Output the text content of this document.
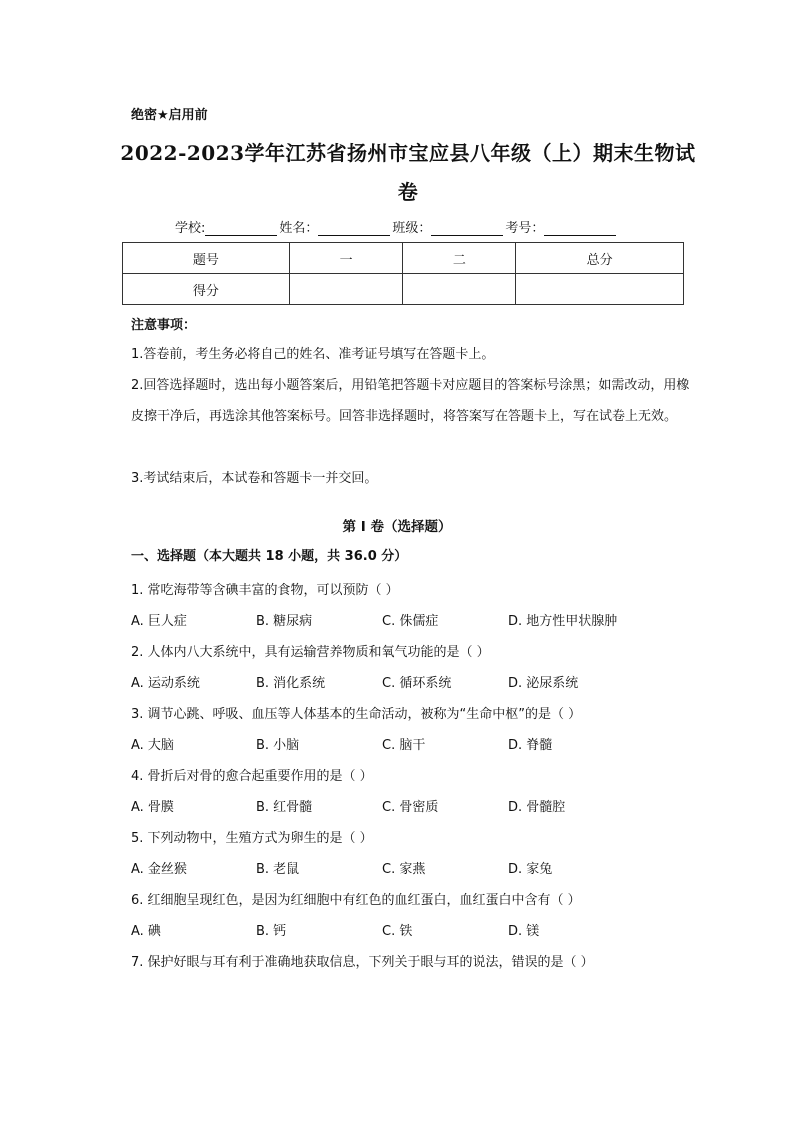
绝密★启用前
2022-2023学年江苏省扬州市宝应县八年级（上）期末生物试
卷
学校:	姓名：	班级：	考号：
题号	一	二	总分
得分			
注意事项：
1.答卷前，考生务必将自己的姓名、准考证号填写在答题卡上。
2.回答选择题时，选出每小题答案后，用铅笔把答题卡对应题目的答案标号涂黑；如需改动，用橡皮擦干净后，再选涂其他答案标号。回答非选择题时，将答案写在答题卡上，写在试卷上无效。
3.考试结束后，本试卷和答题卡一并交回。
第 I 卷（选择题）
一、选择题（本大题共 18 小题，共 36.0 分）
1. 常吃海带等含碘丰富的食物，可以预防（ ）
A. 巨人症	B. 糖尿病	C. 侏儒症	D. 地方性甲状腺肿
2. 人体内八大系统中，具有运输营养物质和氧气功能的是（ ）
A. 运动系统	B. 消化系统	C. 循环系统	D. 泌尿系统
3. 调节心跳、呼吸、血压等人体基本的生命活动，被称为“生命中枢”的是（ ）
A. 大脑	B. 小脑	C. 脑干	D. 脊髓
4. 骨折后对骨的愈合起重要作用的是（ ）
A. 骨膜	B. 红骨髓	C. 骨密质	D. 骨髓腔
5. 下列动物中，生殖方式为卵生的是（ ）
A. 金丝猴	B. 老鼠	C. 家燕	D. 家兔
6. 红细胞呈现红色，是因为红细胞中有红色的血红蛋白，血红蛋白中含有（ ）
A. 碘	B. 钙	C. 铁	D. 镁
7. 保护好眼与耳有利于准确地获取信息，下列关于眼与耳的说法，错误的是（ ）
